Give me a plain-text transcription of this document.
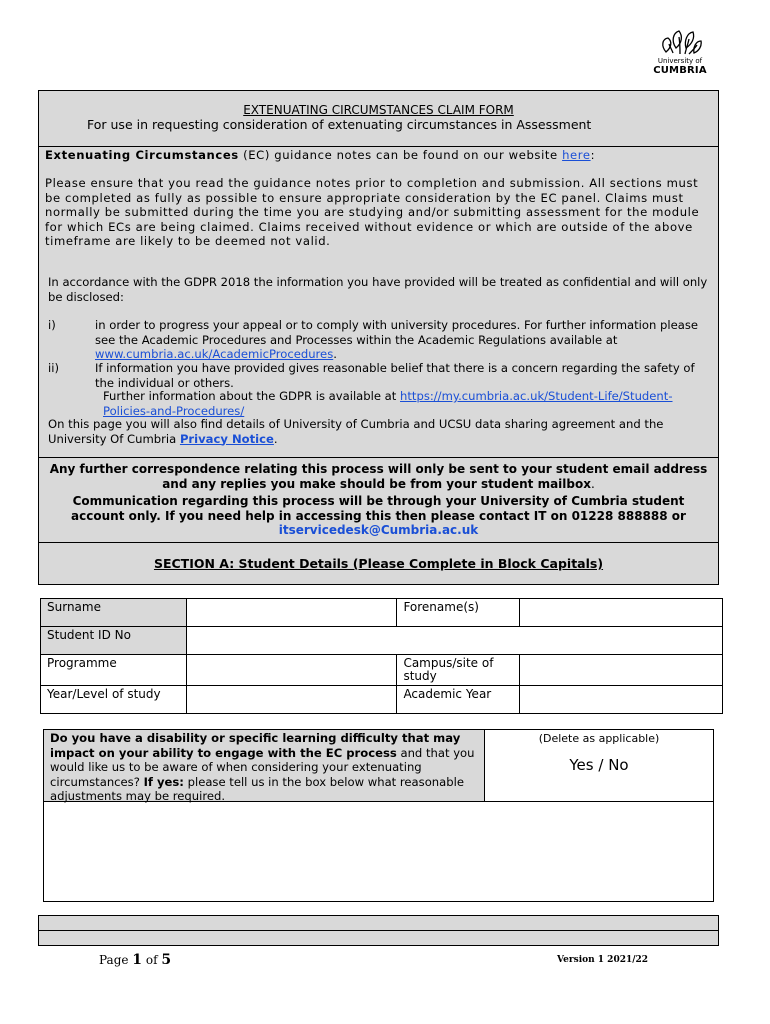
University of
CUMBRIA
EXTENUATING CIRCUMSTANCES CLAIM FORM
For use in requesting consideration of extenuating circumstances in Assessment
Extenuating Circumstances (EC) guidance notes can be found on our website here:
Please ensure that you read the guidance notes prior to completion and submission. All sections must be completed as fully as possible to ensure appropriate consideration by the EC panel. Claims must normally be submitted during the time you are studying and/or submitting assessment for the module for which ECs are being claimed. Claims received without evidence or which are outside of the above timeframe are likely to be deemed not valid.
In accordance with the GDPR 2018 the information you have provided will be treated as confidential and will only be disclosed:
i)	in order to progress your appeal or to comply with university procedures. For further information please see the Academic Procedures and Processes within the Academic Regulations available at www.cumbria.ac.uk/AcademicProcedures.
ii)	If information you have provided gives reasonable belief that there is a concern regarding the safety of the individual or others.
Further information about the GDPR is available at https://my.cumbria.ac.uk/Student-Life/Student-Policies-and-Procedures/
On this page you will also find details of University of Cumbria and UCSU data sharing agreement and the University Of Cumbria Privacy Notice.
Any further correspondence relating this process will only be sent to your student email address and any replies you make should be from your student mailbox.
Communication regarding this process will be through your University of Cumbria student account only. If you need help in accessing this then please contact IT on 01228 888888 or itservicedesk@Cumbria.ac.uk
SECTION A: Student Details (Please Complete in Block Capitals)
Surname		Forename(s)	
Student ID No			
Programme		Campus/site of study	
Year/Level of study		Academic Year	
Do you have a disability or specific learning difficulty that may impact on your ability to engage with the EC process and that you would like us to be aware of when considering your extenuating circumstances? If yes: please tell us in the box below what reasonable adjustments may be required.
(Delete as applicable)
Yes / No
Page 1 of 5	Version 1 2021/22
